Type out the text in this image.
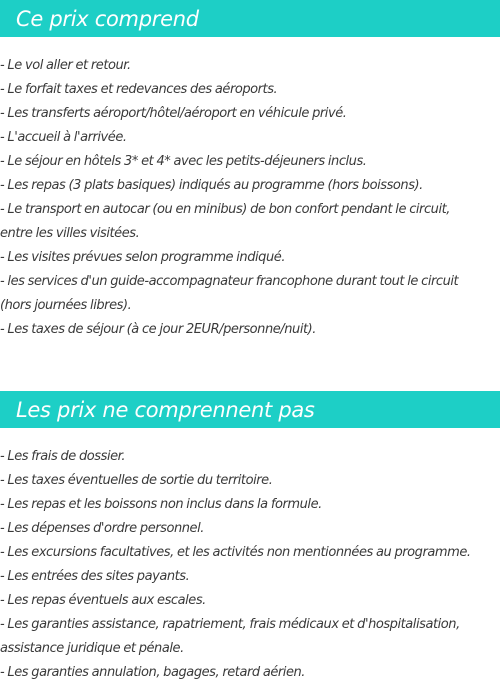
Ce prix comprend
- Le vol aller et retour.
- Le forfait taxes et redevances des aéroports.
- Les transferts aéroport/hôtel/aéroport en véhicule privé.
- L'accueil à l'arrivée.
- Le séjour en hôtels 3* et 4* avec les petits-déjeuners inclus.
- Les repas (3 plats basiques) indiqués au programme (hors boissons).
- Le transport en autocar (ou en minibus) de bon confort pendant le circuit,
entre les villes visitées.
- Les visites prévues selon programme indiqué.
- les services d'un guide-accompagnateur francophone durant tout le circuit
(hors journées libres).
- Les taxes de séjour (à ce jour 2EUR/personne/nuit).
Les prix ne comprennent pas
- Les frais de dossier.
- Les taxes éventuelles de sortie du territoire.
- Les repas et les boissons non inclus dans la formule.
- Les dépenses d'ordre personnel.
- Les excursions facultatives, et les activités non mentionnées au programme.
- Les entrées des sites payants.
- Les repas éventuels aux escales.
- Les garanties assistance, rapatriement, frais médicaux et d'hospitalisation,
assistance juridique et pénale.
- Les garanties annulation, bagages, retard aérien.
